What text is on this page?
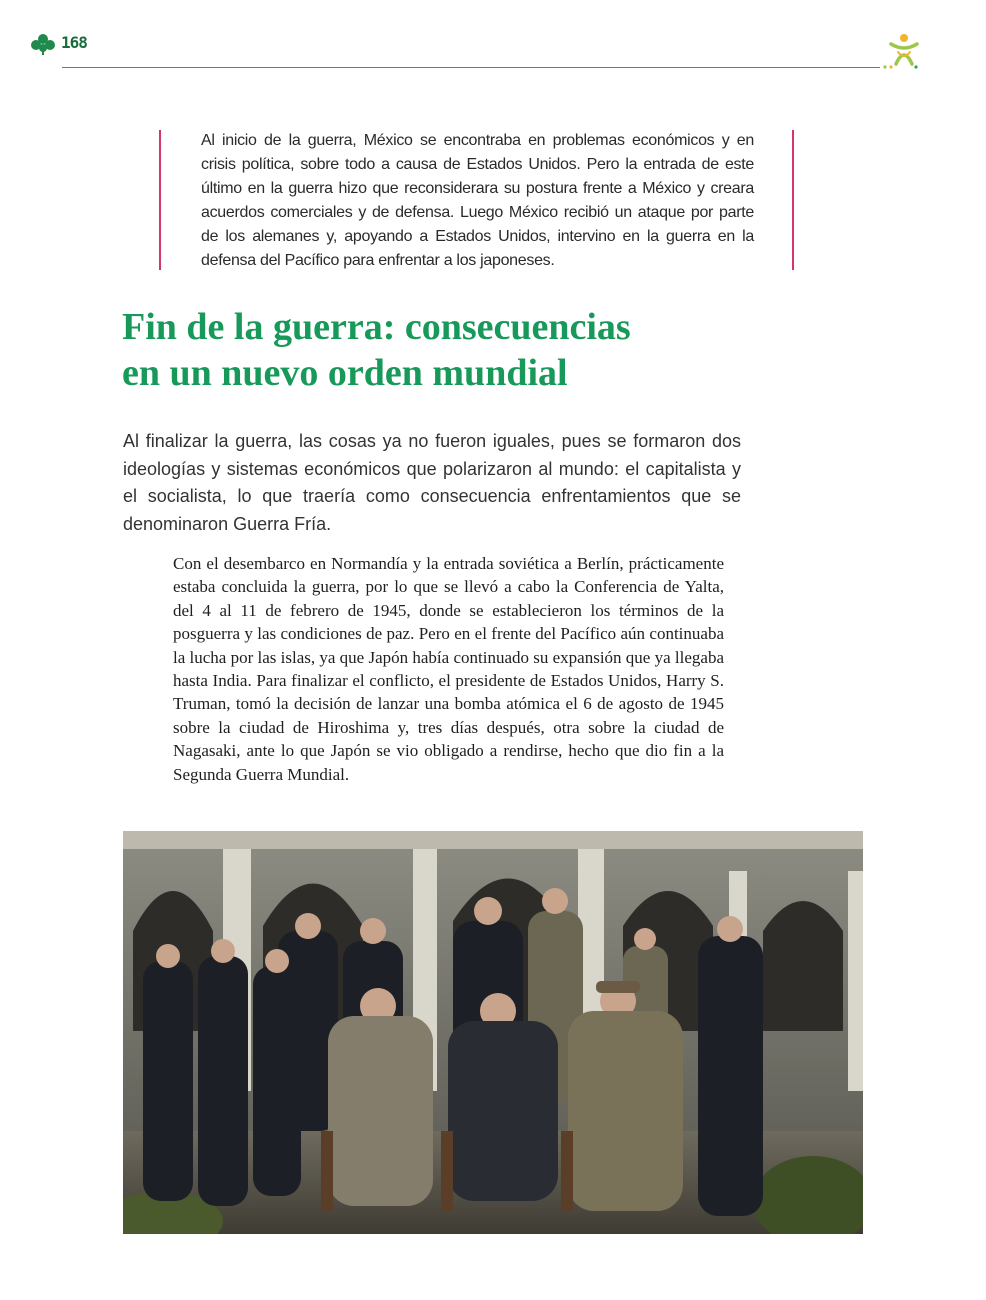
168

Al inicio de la guerra, México se encontraba en problemas económicos y en crisis política, sobre todo a causa de Estados Unidos. Pero la entrada de este último en la guerra hizo que reconsiderara su postura frente a México y creara acuerdos comerciales y de defensa. Luego México recibió un ataque por parte de los alemanes y, apoyando a Estados Unidos, intervino en la guerra en la defensa del Pacífico para enfrentar a los japoneses.

Fin de la guerra: consecuencias
en un nuevo orden mundial

Al finalizar la guerra, las cosas ya no fueron iguales, pues se formaron dos ideologías y sistemas económicos que polarizaron al mundo: el capitalista y el socialista, lo que traería como consecuencia enfrentamientos que se denominaron Guerra Fría.

Con el desembarco en Normandía y la entrada soviética a Berlín, prácticamente estaba concluida la guerra, por lo que se llevó a cabo la Conferencia de Yalta, del 4 al 11 de febrero de 1945, donde se establecieron los términos de la posguerra y las condiciones de paz. Pero en el frente del Pacífico aún continuaba la lucha por las islas, ya que Japón había continuado su expansión que ya llegaba hasta India. Para finalizar el conflicto, el presidente de Estados Unidos, Harry S. Truman, tomó la decisión de lanzar una bomba atómica el 6 de agosto de 1945 sobre la ciudad de Hiroshima y, tres días después, otra sobre la ciudad de Nagasaki, ante lo que Japón se vio obligado a rendirse, hecho que dio fin a la Segunda Guerra Mundial.
